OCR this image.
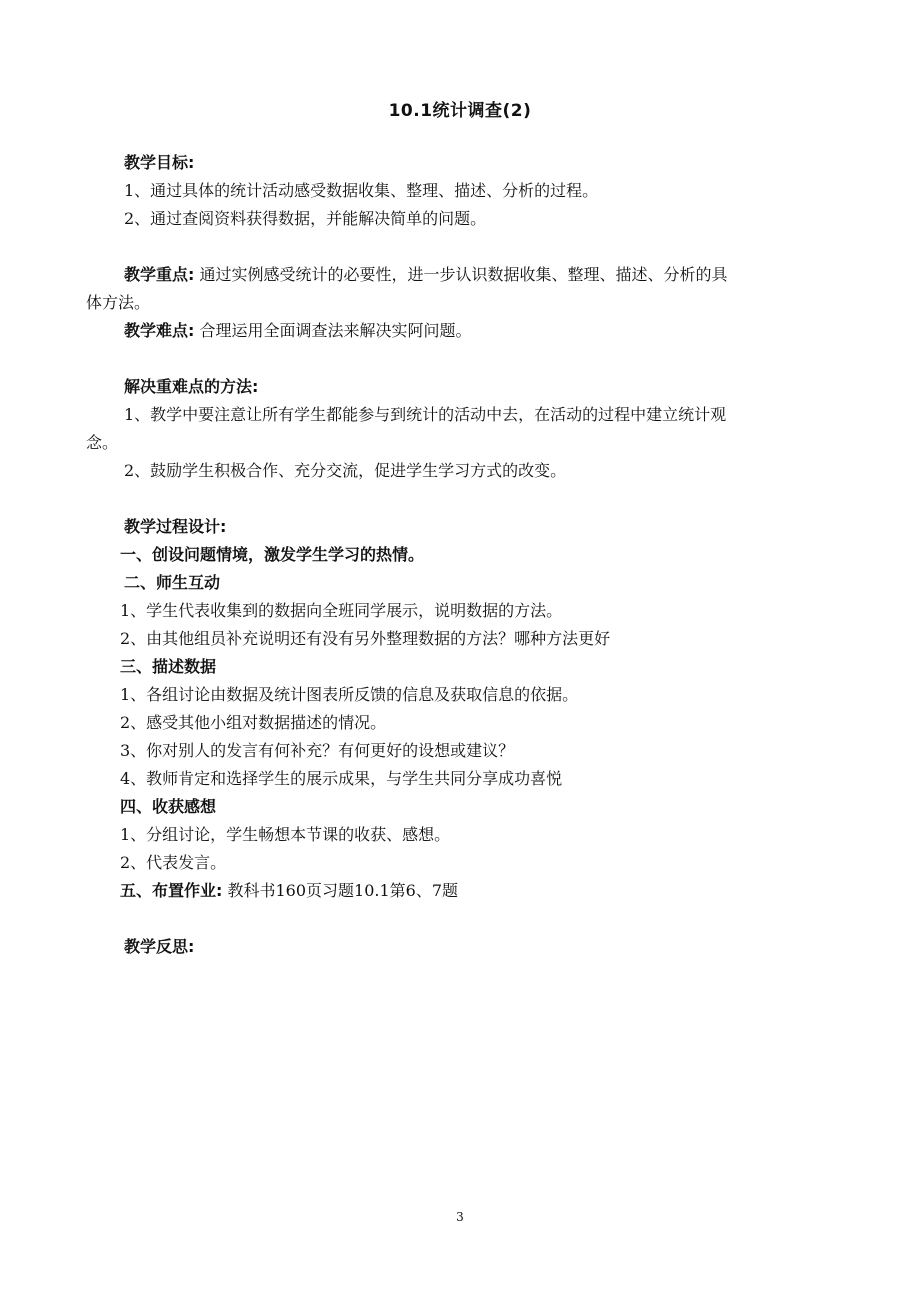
10.1统计调查(2)
教学目标:
1、通过具体的统计活动感受数据收集、整理、描述、分析的过程。
2、通过查阅资料获得数据，并能解决简单的问题。
教学重点: 通过实例感受统计的必要性，进一步认识数据收集、整理、描述、分析的具
体方法。
教学难点: 合理运用全面调查法来解决实阿问题。
解决重难点的方法:
1、教学中要注意让所有学生都能参与到统计的活动中去，在活动的过程中建立统计观
念。
2、鼓励学生积极合作、充分交流，促进学生学习方式的改变。
教学过程设计:
一、创设问题情境，激发学生学习的热情。
二、师生互动
1、学生代表收集到的数据向全班同学展示，说明数据的方法。
2、由其他组员补充说明还有没有另外整理数据的方法？哪种方法更好
三、描述数据
1、各组讨论由数据及统计图表所反馈的信息及获取信息的依据。
2、感受其他小组对数据描述的情况。
3、你对别人的发言有何补充？有何更好的设想或建议？
4、教师肯定和选择学生的展示成果，与学生共同分享成功喜悦
四、收获感想
1、分组讨论，学生畅想本节课的收获、感想。
2、代表发言。
五、布置作业: 教科书160页习题10.1第6、7题
教学反思:
3
